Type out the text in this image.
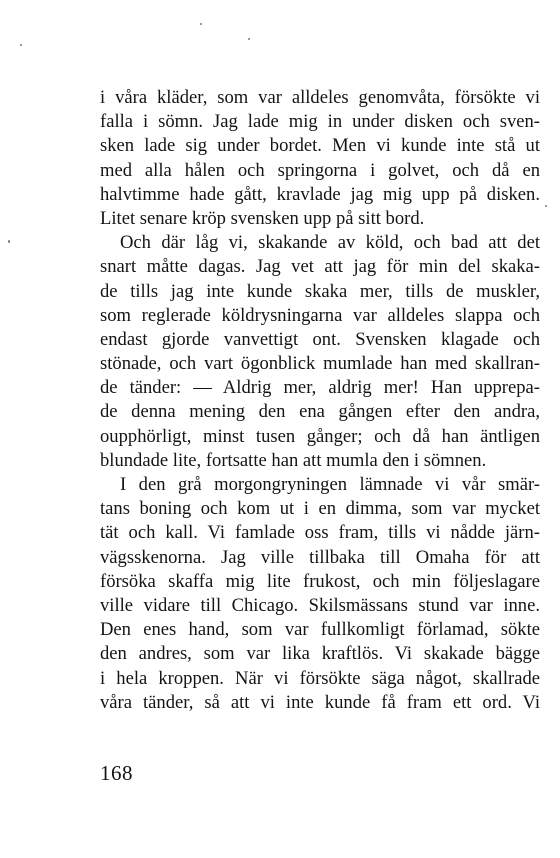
i våra kläder, som var alldeles genomvåta, försökte vi
falla i sömn. Jag lade mig in under disken och sven-
sken lade sig under bordet. Men vi kunde inte stå ut
med alla hålen och springorna i golvet, och då en
halvtimme hade gått, kravlade jag mig upp på disken.
Litet senare kröp svensken upp på sitt bord.
Och där låg vi, skakande av köld, och bad att det
snart måtte dagas. Jag vet att jag för min del skaka-
de tills jag inte kunde skaka mer, tills de muskler,
som reglerade köldrysningarna var alldeles slappa och
endast gjorde vanvettigt ont. Svensken klagade och
stönade, och vart ögonblick mumlade han med skallran-
de tänder: — Aldrig mer, aldrig mer! Han upprepa-
de denna mening den ena gången efter den andra,
oupphörligt, minst tusen gånger; och då han äntligen
blundade lite, fortsatte han att mumla den i sömnen.
I den grå morgongryningen lämnade vi vår smär-
tans boning och kom ut i en dimma, som var mycket
tät och kall. Vi famlade oss fram, tills vi nådde järn-
vägsskenorna. Jag ville tillbaka till Omaha för att
försöka skaffa mig lite frukost, och min följeslagare
ville vidare till Chicago. Skilsmässans stund var inne.
Den enes hand, som var fullkomligt förlamad, sökte
den andres, som var lika kraftlös. Vi skakade bägge
i hela kroppen. När vi försökte säga något, skallrade
våra tänder, så att vi inte kunde få fram ett ord. Vi
168
